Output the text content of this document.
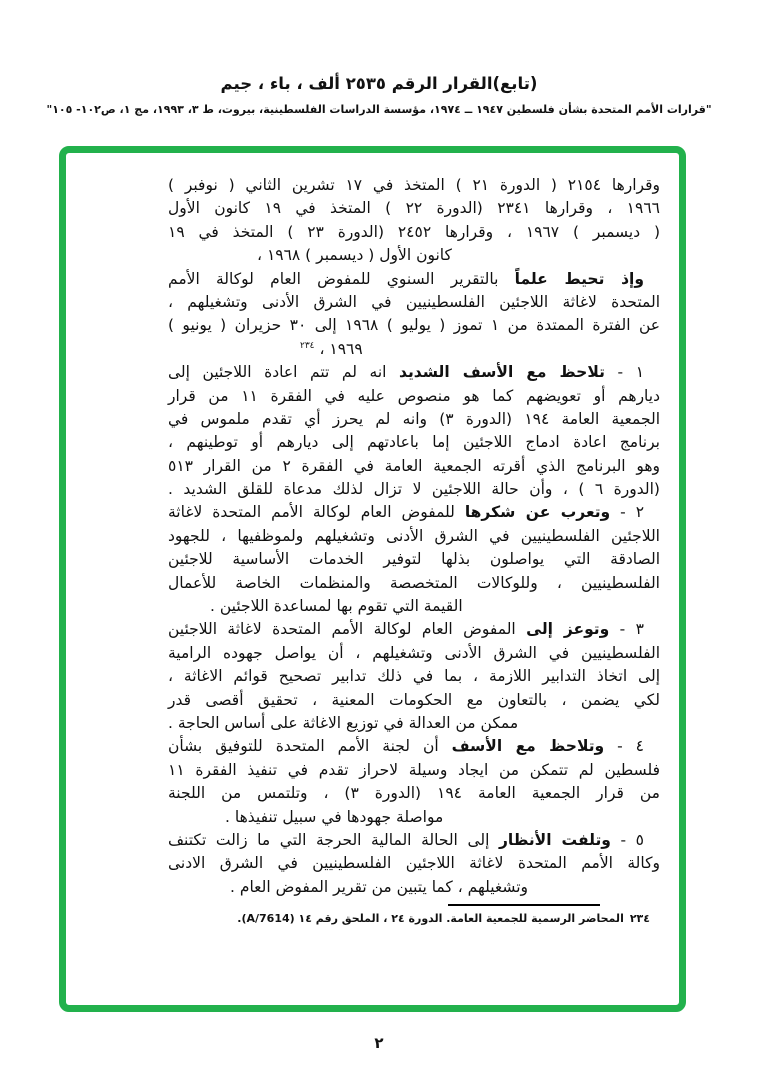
(تابع)القرار الرقم ٢٥٣٥ ألف ، باء ، جيم
"قرارات الأمم المتحدة بشأن فلسطين ١٩٤٧ ــ ١٩٧٤، مؤسسة الدراسات الفلسطينية، بيروت، ط ٣، ١٩٩٣، مج ١، ص١٠٢- ١٠٥"
وقرارها ٢١٥٤ ( الدورة ٢١ ) المتخذ في ١٧ تشرين الثاني ( نوفبر )
١٩٦٦ ، وقرارها ٢٣٤١ (الدورة ٢٢ ) المتخذ في ١٩ كانون الأول
( ديسمبر ) ١٩٦٧ ، وقرارها ٢٤٥٢ (الدورة ٢٣ ) المتخذ في ١٩
كانون الأول ( ديسمبر ) ١٩٦٨ ،
وإذ تحيط علماً بالتقرير السنوي للمفوض العام لوكالة الأمم
المتحدة لاغاثة اللاجئين الفلسطينيين في الشرق الأدنى وتشغيلهم ،
عن الفترة الممتدة من ١ تموز ( يوليو ) ١٩٦٨ إلى ٣٠ حزيران ( يونيو )
١٩٦٩ ، $^{٢٣٤}$
١ - تلاحظ مع الأسف الشديد انه لم تتم اعادة اللاجئين إلى
ديارهم أو تعويضهم كما هو منصوص عليه في الفقرة ١١ من قرار
الجمعية العامة ١٩٤ (الدورة ٣) وانه لم يحرز أي تقدم ملموس في
برنامج اعادة ادماج اللاجئين إما باعادتهم إلى ديارهم أو توطينهم ،
وهو البرنامج الذي أقرته الجمعية العامة في الفقرة ٢ من القرار ٥١٣
(الدورة ٦ ) ، وأن حالة اللاجئين لا تزال لذلك مدعاة للقلق الشديد .
٢ - وتعرب عن شكرها للمفوض العام لوكالة الأمم المتحدة لاغاثة
اللاجئين الفلسطينيين في الشرق الأدنى وتشغيلهم ولموظفيها ، للجهود
الصادقة التي يواصلون بذلها لتوفير الخدمات الأساسية للاجئين
الفلسطينيين ، وللوكالات المتخصصة والمنظمات الخاصة للأعمال
القيمة التي تقوم بها لمساعدة اللاجئين .
٣ - وتوعز إلى المفوض العام لوكالة الأمم المتحدة لاغاثة اللاجئين
الفلسطينيين في الشرق الأدنى وتشغيلهم ، أن يواصل جهوده الرامية
إلى اتخاذ التدابير اللازمة ، بما في ذلك تدابير تصحيح قوائم الاغاثة ،
لكي يضمن ، بالتعاون مع الحكومات المعنية ، تحقيق أقصى قدر
ممكن من العدالة في توزيع الاغاثة على أساس الحاجة .
٤ - وتلاحظ مع الأسف أن لجنة الأمم المتحدة للتوفيق بشأن
فلسطين لم تتمكن من ايجاد وسيلة لاحراز تقدم في تنفيذ الفقرة ١١
من قرار الجمعية العامة ١٩٤ (الدورة ٣) ، وتلتمس من اللجنة
مواصلة جهودها في سبيل تنفيذها .
٥ - وتلفت الأنظار إلى الحالة المالية الحرجة التي ما زالت تكتنف
وكالة الأمم المتحدة لاغاثة اللاجئين الفلسطينيين في الشرق الادنى
وتشغيلهم ، كما يتبين من تقرير المفوض العام .
٢٣٤المحاضر الرسمية للجمعية العامة. الدورة ٢٤ ، الملحق رقم ١٤ (A/7614).
٢
